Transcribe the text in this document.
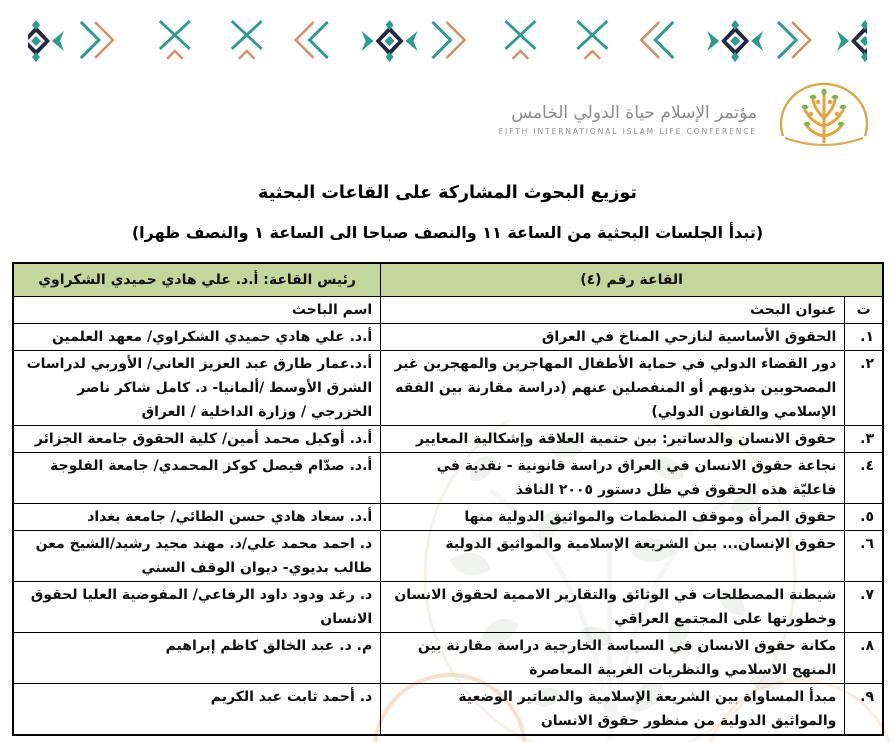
مؤتمر الإسلام حياة الدولي الخامس
FIFTH INTERNATIONAL ISLAM LIFE CONFERENCE
توزيع البحوث المشاركة على القاعات البحثية
(تبدأ الجلسات البحثية من الساعة ١١ والنصف صباحا الى الساعة ١ والنصف ظهرا)
القاعة رقم (٤)		رئيس القاعة: أ.د. علي هادي حميدي الشكراوي
ت	عنوان البحث	اسم الباحث
١.	الحقوق الأساسية لنازحي المناخ في العراق	أ.د. علي هادي حميدي الشكراوي/ معهد العلمين
٢.	دور القضاء الدولي في حماية الأطفال المهاجرين والمهجرين غير المصحوبين بذويهم أو المنفصلين عنهم (دراسة مقارنة بين الفقه الإسلامي والقانون الدولي)	أ.د.عمار طارق عبد العزيز العاني/ الأوربي لدراسات الشرق الأوسط /ألمانيا- د. كامل شاكر ناصر الخزرجي / وزارة الداخلية / العراق
٣.	حقوق الانسان والدساتير: بين حتمية العلاقة وإشكالية المعايير	أ.د. أوكيل محمد أمين/ كلية الحقوق جامعة الجزائر
٤.	نجاعة حقوق الانسان في العراق دراسة قانونية - نقدية في فاعليّة هذه الحقوق في ظل دستور ٢٠٠٥ النافذ	أ.د. صدّام فيصل كوكز المحمدي/ جامعة الفلوجة
٥.	حقوق المرأة وموقف المنظمات والمواثيق الدولية منها	أ.د. سعاد هادي حسن الطائي/ جامعة بغداد
٦.	حقوق الإنسان... بين الشريعة الإسلامية والمواثيق الدولية	د. احمد محمد علي/د. مهند مجيد رشيد/الشيخ معن طالب بديوي- ديوان الوقف السني
٧.	شيطنة المصطلحات في الوثائق والتقارير الاممية لحقوق الانسان وخطورتها على المجتمع العراقي	د. رغد ودود داود الرفاعي/ المفوضية العليا لحقوق الانسان
٨.	مكانة حقوق الانسان في السياسة الخارجية دراسة مقارنة بين المنهج الاسلامي والنظريات الغربية المعاصرة	م. د. عبد الخالق كاظم إبراهيم
٩.	مبدأ المساواة بين الشريعة الإسلامية والدساتير الوضعية والمواثيق الدولية من منظور حقوق الانسان	د. أحمد ثابت عبد الكريم
